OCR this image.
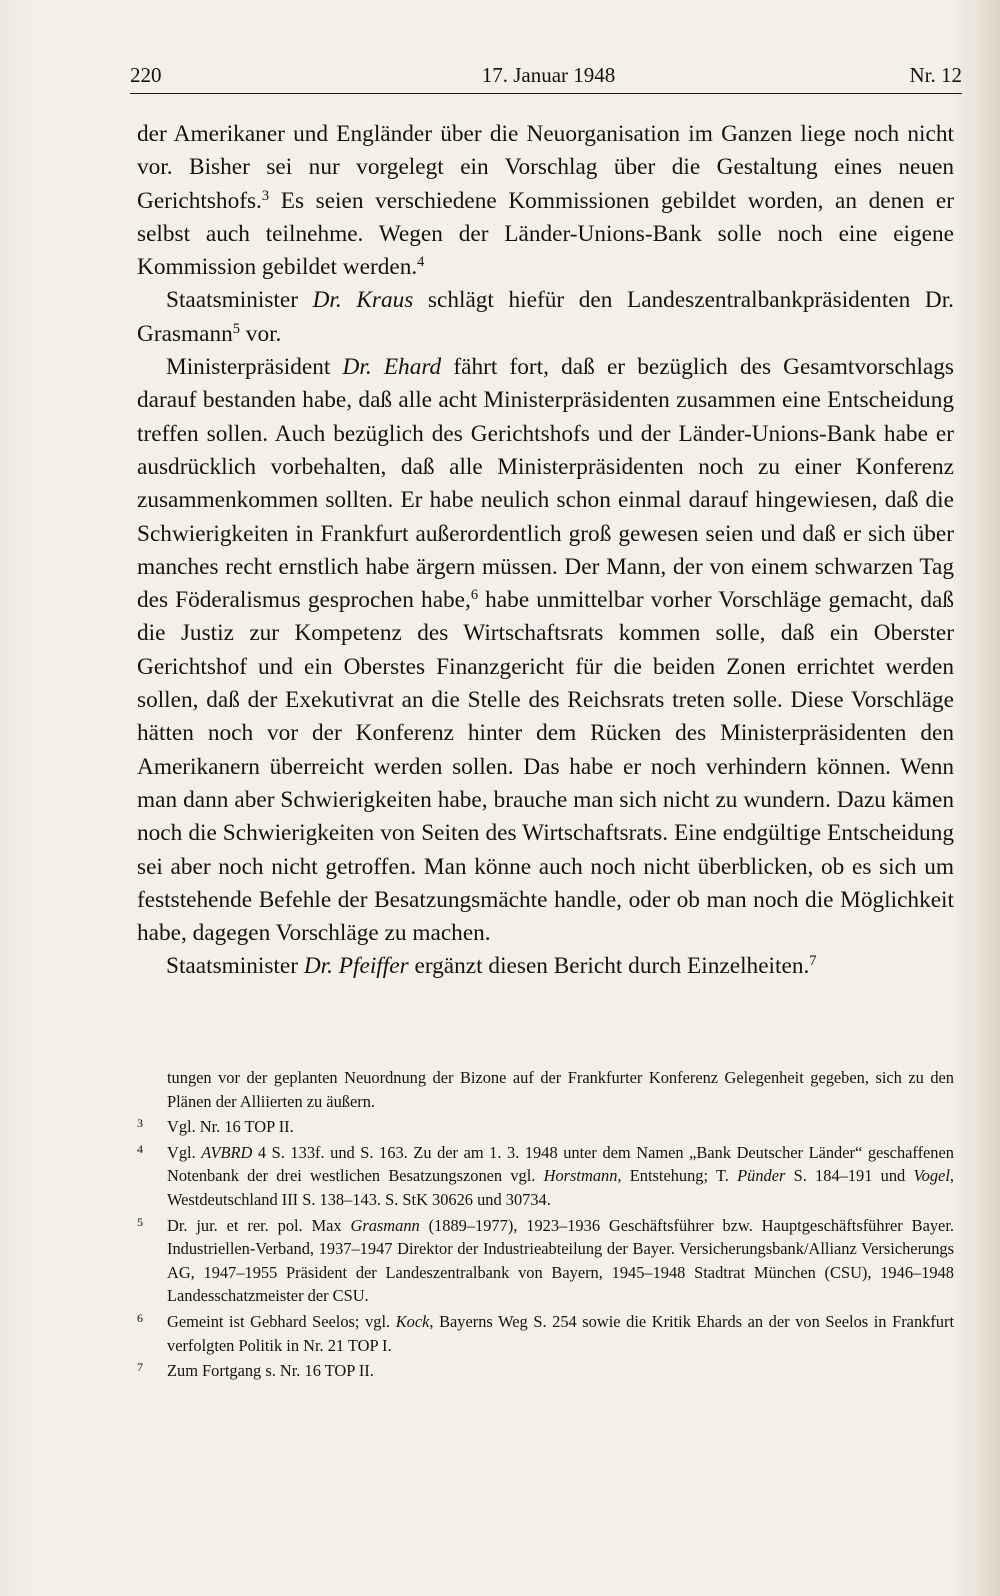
220	17. Januar 1948	Nr. 12

der Amerikaner und Engländer über die Neuorganisation im Ganzen liege noch nicht vor. Bisher sei nur vorgelegt ein Vorschlag über die Gestaltung eines neuen Gerichtshofs.$^3$ Es seien verschiedene Kommissionen gebildet worden, an denen er selbst auch teilnehme. Wegen der Länder-Unions-Bank solle noch eine eigene Kommission gebildet werden.$^4$

Staatsminister Dr. Kraus schlägt hiefür den Landeszentralbankpräsidenten Dr. Grasmann$^5$ vor.

Ministerpräsident Dr. Ehard fährt fort, daß er bezüglich des Gesamtvorschlags darauf bestanden habe, daß alle acht Ministerpräsidenten zusammen eine Entscheidung treffen sollen. Auch bezüglich des Gerichtshofs und der Länder-Unions-Bank habe er ausdrücklich vorbehalten, daß alle Ministerpräsidenten noch zu einer Konferenz zusammenkommen sollten. Er habe neulich schon einmal darauf hingewiesen, daß die Schwierigkeiten in Frankfurt außerordentlich groß gewesen seien und daß er sich über manches recht ernstlich habe ärgern müssen. Der Mann, der von einem schwarzen Tag des Föderalismus gesprochen habe,$^6$ habe unmittelbar vorher Vorschläge gemacht, daß die Justiz zur Kompetenz des Wirtschaftsrats kommen solle, daß ein Oberster Gerichtshof und ein Oberstes Finanzgericht für die beiden Zonen errichtet werden sollen, daß der Exekutivrat an die Stelle des Reichsrats treten solle. Diese Vorschläge hätten noch vor der Konferenz hinter dem Rücken des Ministerpräsidenten den Amerikanern überreicht werden sollen. Das habe er noch verhindern können. Wenn man dann aber Schwierigkeiten habe, brauche man sich nicht zu wundern. Dazu kämen noch die Schwierigkeiten von Seiten des Wirtschaftsrats. Eine endgültige Entscheidung sei aber noch nicht getroffen. Man könne auch noch nicht überblicken, ob es sich um feststehende Befehle der Besatzungsmächte handle, oder ob man noch die Möglichkeit habe, dagegen Vorschläge zu machen.

Staatsminister Dr. Pfeiffer ergänzt diesen Bericht durch Einzelheiten.$^7$

tungen vor der geplanten Neuordnung der Bizone auf der Frankfurter Konferenz Gelegenheit gegeben, sich zu den Plänen der Alliierten zu äußern.
3 Vgl. Nr. 16 TOP II.
4 Vgl. AVBRD 4 S. 133f. und S. 163. Zu der am 1. 3. 1948 unter dem Namen „Bank Deutscher Länder“ geschaffenen Notenbank der drei westlichen Besatzungszonen vgl. Horstmann, Entstehung; T. Pünder S. 184–191 und Vogel, Westdeutschland III S. 138–143. S. StK 30626 und 30734.
5 Dr. jur. et rer. pol. Max Grasmann (1889–1977), 1923–1936 Geschäftsführer bzw. Hauptgeschäftsführer Bayer. Industriellen-Verband, 1937–1947 Direktor der Industrieabteilung der Bayer. Versicherungsbank/Allianz Versicherungs AG, 1947–1955 Präsident der Landeszentralbank von Bayern, 1945–1948 Stadtrat München (CSU), 1946–1948 Landesschatzmeister der CSU.
6 Gemeint ist Gebhard Seelos; vgl. Kock, Bayerns Weg S. 254 sowie die Kritik Ehards an der von Seelos in Frankfurt verfolgten Politik in Nr. 21 TOP I.
7 Zum Fortgang s. Nr. 16 TOP II.
